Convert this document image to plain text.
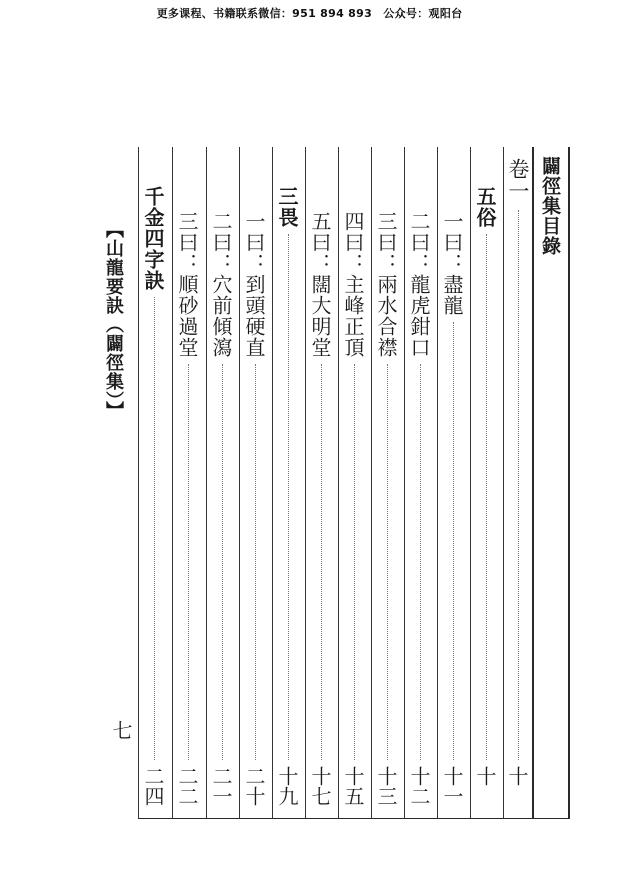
更多课程、书籍联系微信：951 894 893　公众号：观阳台
闢徑集目錄
卷一
十
五俗
十
一曰：盡龍
十一
二曰：龍虎鉗口
十二
三曰：兩水合襟
十三
四曰：主峰正頂
十五
五曰：闊大明堂
十七
三畏
十九
一曰：到頭硬直
二十
二曰：穴前傾瀉
二一
三曰：順砂過堂
二二
千金四字訣
二四
【山龍要訣（闢徑集）】
七
